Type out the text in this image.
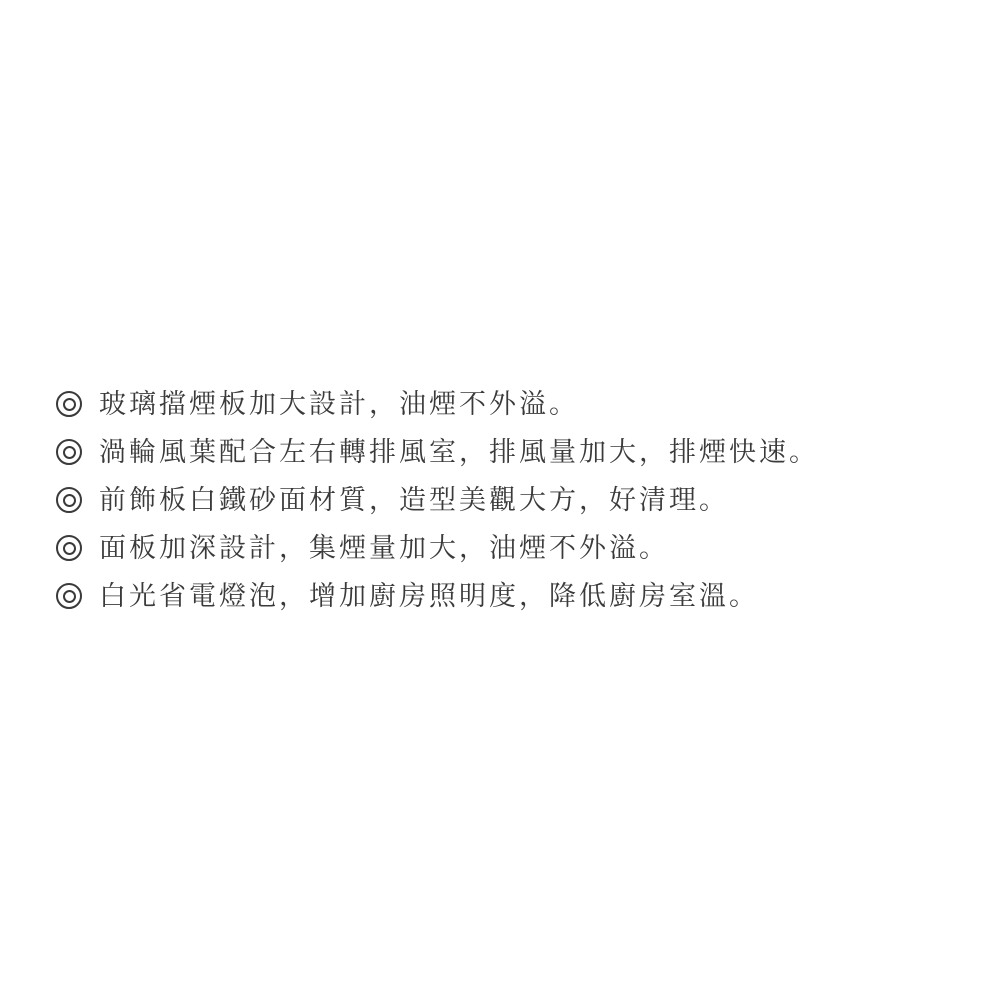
玻璃擋煙板加大設計，油煙不外溢。
渦輪風葉配合左右轉排風室，排風量加大，排煙快速。
前飾板白鐵砂面材質，造型美觀大方，好清理。
面板加深設計，集煙量加大，油煙不外溢。
白光省電燈泡，增加廚房照明度，降低廚房室溫。
